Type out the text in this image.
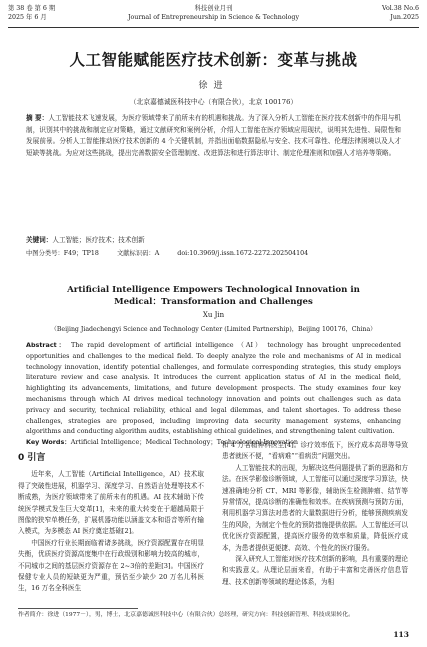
第 38 卷 第 6 期
2025 年 6 月
科技创业月刊
Journal of Entrepreneurship in Science & Technology
Vol.38 No.6
Jun.2025
人工智能赋能医疗技术创新：变革与挑战
徐进
（北京嘉德诚医科技中心（有限合伙），北京 100176）
摘 要：人工智能技术飞速发展，为医疗领域带来了前所未有的机遇和挑战。为了深入分析人工智能在医疗技术创新中的作用与机制，识别其中的挑战和制定应对策略，通过文献研究和案例分析，介绍人工智能在医疗领域应用现状，说明其先进性、局限性和发展前景。分析人工智能推动医疗技术创新的 4 个关键机制，并指出面临数据隐私与安全、技术可靠性、伦理法律困境以及人才短缺等挑战。为应对这些挑战，提出完善数据安全管理制度、改进算法和进行算法审计、制定伦理准则和加强人才培养等策略。
关键词：人工智能；医疗技术；技术创新
中图分类号：F49；TP18	文献标识码：A	doi:10.3969/j.issn.1672-2272.202504104
Artificial Intelligence Empowers Technological Innovation in
Medical：Transformation and Challenges
Xu Jin
（Beijing Jiadechengyi Science and Technology Center (Limited Partnership)，Beijing 100176，China）
Abstract： The rapid development of artificial intelligence （AI） technology has brought unprecedented opportunities and challenges to the medical field. To deeply analyze the role and mechanisms of AI in medical technology innovation, identify potential challenges, and formulate corresponding strategies, this study employs literature review and case analysis. It introduces the current application status of AI in the medical field, highlighting its advancements, limitations, and future development prospects. The study examines four key mechanisms through which AI drives medical technology innovation and points out challenges such as data privacy and security, technical reliability, ethical and legal dilemmas, and talent shortages. To address these challenges, strategies are proposed, including improving data security management systems, enhancing algorithms and conducting algorithm audits, establishing ethical guidelines, and strengthening talent cultivation.
Key Words：Artificial Intelligence；Medical Technology；Technological Innovation
0 引言

近年来，人工智能（Artificial Intelligence，AI）技术取得了突破性进展，机器学习、深度学习、自然语言处理等技术不断成熟，为医疗领域带来了前所未有的机遇。AI 技术辅助下传统医学模式发生巨大变革[1]，未来的重大转变在于超越局限于图像的狭窄单模任务，扩展机器功能以涵盖文本和语音等所有输入模式，为多模态 AI 医疗奠定基础[2]。

中国医疗行业长期面临着诸多挑战，医疗资源配置存在明显失衡，优质医疗资源高度集中在行政级别和影响力较高的城市，不同城市之间的基层医疗资源存在 2~3倍的差距[3]。中国医疗保健专业人员的短缺更为严重，预估至少缺少 20 万名儿科医生，16 万名全科医生

和 4 万名精神科医生[4]。诊疗效率低下，医疗成本高昂等导致患者就医不便，“看病难”“看病贵”问题突出。

人工智能技术的出现，为解决这些问题提供了新的思路和方法。在医学影像诊断领域，人工智能可以通过深度学习算法，快速准确地分析 CT、MRI 等影像，辅助医生检测肿瘤、结节等异常情况，提高诊断的准确性和效率。在疾病预测与预防方面，利用机器学习算法对患者的大量数据进行分析，能够预测疾病发生的风险，为制定个性化的预防措施提供依据。人工智能还可以优化医疗资源配置，提高医疗服务的效率和质量，降低医疗成本，为患者提供更便捷、高效、个性化的医疗服务。

深入研究人工智能对医疗技术创新的影响，具有重要的理论和实践意义。从理论层面来看，有助于丰富和完善医疗信息管理、技术创新等领域的理论体系，为相

作者简介：徐进（1977－），男，博士，北京嘉德诚医科技中心（有限合伙）总经理，研究方向：科技创新管理、科技成果转化。
113
